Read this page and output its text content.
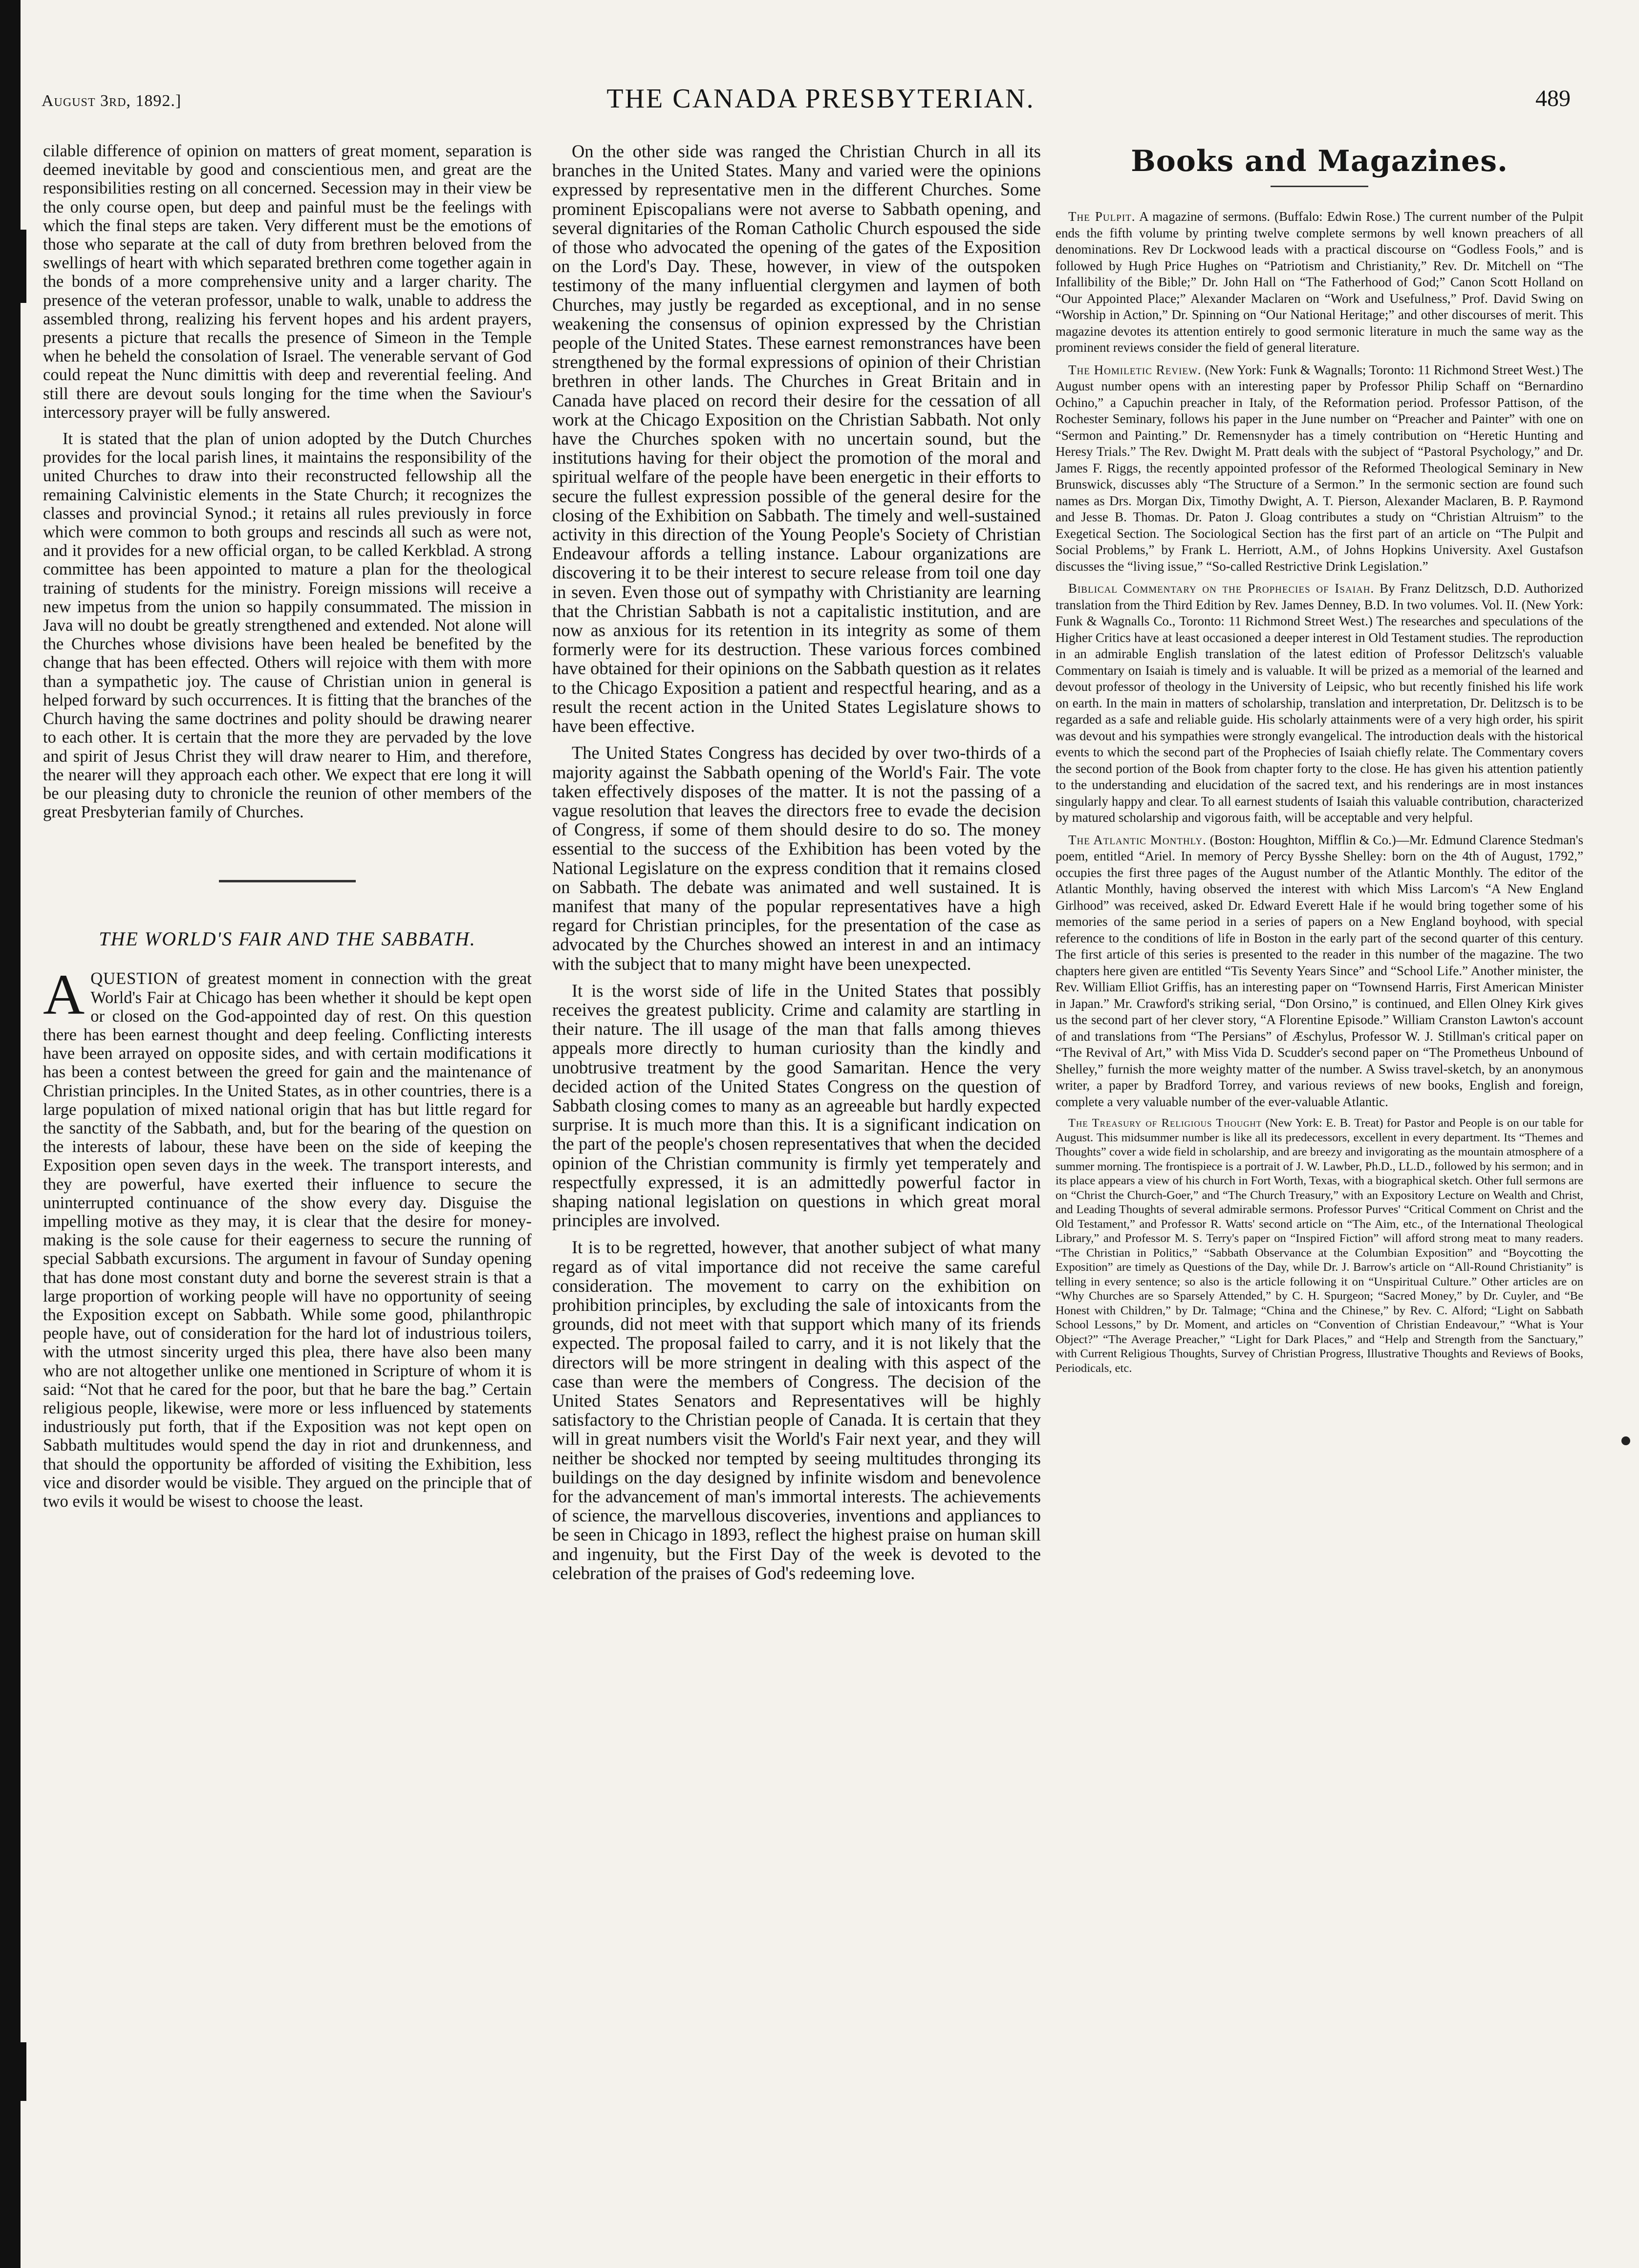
August 3rd, 1892.]	THE CANADA PRESBYTERIAN.	489

cilable difference of opinion on matters of great moment, separation is deemed inevitable by good and conscientious men, and great are the responsibilities resting on all concerned. Secession may in their view be the only course open, but deep and painful must be the feelings with which the final steps are taken. Very different must be the emotions of those who separate at the call of duty from brethren beloved from the swellings of heart with which separated brethren come together again in the bonds of a more comprehensive unity and a larger charity. The presence of the veteran professor, unable to walk, unable to address the assembled throng, realizing his fervent hopes and his ardent prayers, presents a picture that recalls the presence of Simeon in the Temple when he beheld the consolation of Israel. The venerable servant of God could repeat the Nunc dimittis with deep and reverential feeling. And still there are devout souls longing for the time when the Saviour's intercessory prayer will be fully answered.

It is stated that the plan of union adopted by the Dutch Churches provides for the local parish lines, it maintains the responsibility of the united Churches to draw into their reconstructed fellowship all the remaining Calvinistic elements in the State Church; it recognizes the classes and provincial Synod.; it retains all rules previously in force which were common to both groups and rescinds all such as were not, and it provides for a new official organ, to be called Kerkblad. A strong committee has been appointed to mature a plan for the theological training of students for the ministry. Foreign missions will receive a new impetus from the union so happily consummated. The mission in Java will no doubt be greatly strengthened and extended. Not alone will the Churches whose divisions have been healed be benefited by the change that has been effected. Others will rejoice with them with more than a sympathetic joy. The cause of Christian union in general is helped forward by such occurrences. It is fitting that the branches of the Church having the same doctrines and polity should be drawing nearer to each other. It is certain that the more they are pervaded by the love and spirit of Jesus Christ they will draw nearer to Him, and therefore, the nearer will they approach each other. We expect that ere long it will be our pleasing duty to chronicle the reunion of other members of the great Presbyterian family of Churches.

THE WORLD'S FAIR AND THE SABBATH.

AQUESTION of greatest moment in connection with the great World's Fair at Chicago has been whether it should be kept open or closed on the God-appointed day of rest. On this question there has been earnest thought and deep feeling. Conflicting interests have been arrayed on opposite sides, and with certain modifications it has been a contest between the greed for gain and the maintenance of Christian principles. In the United States, as in other countries, there is a large population of mixed national origin that has but little regard for the sanctity of the Sabbath, and, but for the bearing of the question on the interests of labour, these have been on the side of keeping the Exposition open seven days in the week. The transport interests, and they are powerful, have exerted their influence to secure the uninterrupted continuance of the show every day. Disguise the impelling motive as they may, it is clear that the desire for money-making is the sole cause for their eagerness to secure the running of special Sabbath excursions. The argument in favour of Sunday opening that has done most constant duty and borne the severest strain is that a large proportion of working people will have no opportunity of seeing the Exposition except on Sabbath. While some good, philanthropic people have, out of consideration for the hard lot of industrious toilers, with the utmost sincerity urged this plea, there have also been many who are not altogether unlike one mentioned in Scripture of whom it is said: “Not that he cared for the poor, but that he bare the bag.” Certain religious people, likewise, were more or less influenced by statements industriously put forth, that if the Exposition was not kept open on Sabbath multitudes would spend the day in riot and drunkenness, and that should the opportunity be afforded of visiting the Exhibition, less vice and disorder would be visible. They argued on the principle that of two evils it would be wisest to choose the least.

On the other side was ranged the Christian Church in all its branches in the United States. Many and varied were the opinions expressed by representative men in the different Churches. Some prominent Episcopalians were not averse to Sabbath opening, and several dignitaries of the Roman Catholic Church espoused the side of those who advocated the opening of the gates of the Exposition on the Lord's Day. These, however, in view of the outspoken testimony of the many influential clergymen and laymen of both Churches, may justly be regarded as exceptional, and in no sense weakening the consensus of opinion expressed by the Christian people of the United States. These earnest remonstrances have been strengthened by the formal expressions of opinion of their Christian brethren in other lands. The Churches in Great Britain and in Canada have placed on record their desire for the cessation of all work at the Chicago Exposition on the Christian Sabbath. Not only have the Churches spoken with no uncertain sound, but the institutions having for their object the promotion of the moral and spiritual welfare of the people have been energetic in their efforts to secure the fullest expression possible of the general desire for the closing of the Exhibition on Sabbath. The timely and well-sustained activity in this direction of the Young People's Society of Christian Endeavour affords a telling instance. Labour organizations are discovering it to be their interest to secure release from toil one day in seven. Even those out of sympathy with Christianity are learning that the Christian Sabbath is not a capitalistic institution, and are now as anxious for its retention in its integrity as some of them formerly were for its destruction. These various forces combined have obtained for their opinions on the Sabbath question as it relates to the Chicago Exposition a patient and respectful hearing, and as a result the recent action in the United States Legislature shows to have been effective.

The United States Congress has decided by over two-thirds of a majority against the Sabbath opening of the World's Fair. The vote taken effectively disposes of the matter. It is not the passing of a vague resolution that leaves the directors free to evade the decision of Congress, if some of them should desire to do so. The money essential to the success of the Exhibition has been voted by the National Legislature on the express condition that it remains closed on Sabbath. The debate was animated and well sustained. It is manifest that many of the popular representatives have a high regard for Christian principles, for the presentation of the case as advocated by the Churches showed an interest in and an intimacy with the subject that to many might have been unexpected.

It is the worst side of life in the United States that possibly receives the greatest publicity. Crime and calamity are startling in their nature. The ill usage of the man that falls among thieves appeals more directly to human curiosity than the kindly and unobtrusive treatment by the good Samaritan. Hence the very decided action of the United States Congress on the question of Sabbath closing comes to many as an agreeable but hardly expected surprise. It is much more than this. It is a significant indication on the part of the people's chosen representatives that when the decided opinion of the Christian community is firmly yet temperately and respectfully expressed, it is an admittedly powerful factor in shaping national legislation on questions in which great moral principles are involved.

It is to be regretted, however, that another subject of what many regard as of vital importance did not receive the same careful consideration. The movement to carry on the exhibition on prohibition principles, by excluding the sale of intoxicants from the grounds, did not meet with that support which many of its friends expected. The proposal failed to carry, and it is not likely that the directors will be more stringent in dealing with this aspect of the case than were the members of Congress. The decision of the United States Senators and Representatives will be highly satisfactory to the Christian people of Canada. It is certain that they will in great numbers visit the World's Fair next year, and they will neither be shocked nor tempted by seeing multitudes thronging its buildings on the day designed by infinite wisdom and benevolence for the advancement of man's immortal interests. The achievements of science, the marvellous discoveries, inventions and appliances to be seen in Chicago in 1893, reflect the highest praise on human skill and ingenuity, but the First Day of the week is devoted to the celebration of the praises of God's redeeming love.

Books and Magazines.

The Pulpit. A magazine of sermons. (Buffalo: Edwin Rose.) The current number of the Pulpit ends the fifth volume by printing twelve complete sermons by well known preachers of all denominations. Rev Dr Lockwood leads with a practical discourse on “Godless Fools,” and is followed by Hugh Price Hughes on “Patriotism and Christianity,” Rev. Dr. Mitchell on “The Infallibility of the Bible;” Dr. John Hall on “The Fatherhood of God;” Canon Scott Holland on “Our Appointed Place;” Alexander Maclaren on “Work and Usefulness,” Prof. David Swing on “Worship in Action,” Dr. Spinning on “Our National Heritage;” and other discourses of merit. This magazine devotes its attention entirely to good sermonic literature in much the same way as the prominent reviews consider the field of general literature.

The Homiletic Review. (New York: Funk & Wagnalls; Toronto: 11 Richmond Street West.) The August number opens with an interesting paper by Professor Philip Schaff on “Bernardino Ochino,” a Capuchin preacher in Italy, of the Reformation period. Professor Pattison, of the Rochester Seminary, follows his paper in the June number on “Preacher and Painter” with one on “Sermon and Painting.” Dr. Remensnyder has a timely contribution on “Heretic Hunting and Heresy Trials.” The Rev. Dwight M. Pratt deals with the subject of “Pastoral Psychology,” and Dr. James F. Riggs, the recently appointed professor of the Reformed Theological Seminary in New Brunswick, discusses ably “The Structure of a Sermon.” In the sermonic section are found such names as Drs. Morgan Dix, Timothy Dwight, A. T. Pierson, Alexander Maclaren, B. P. Raymond and Jesse B. Thomas. Dr. Paton J. Gloag contributes a study on “Christian Altruism” to the Exegetical Section. The Sociological Section has the first part of an article on “The Pulpit and Social Problems,” by Frank L. Herriott, A.M., of Johns Hopkins University. Axel Gustafson discusses the “living issue,” “So-called Restrictive Drink Legislation.”

Biblical Commentary on the Prophecies of Isaiah. By Franz Delitzsch, D.D. Authorized translation from the Third Edition by Rev. James Denney, B.D. In two volumes. Vol. II. (New York: Funk & Wagnalls Co., Toronto: 11 Richmond Street West.) The researches and speculations of the Higher Critics have at least occasioned a deeper interest in Old Testament studies. The reproduction in an admirable English translation of the latest edition of Professor Delitzsch's valuable Commentary on Isaiah is timely and is valuable. It will be prized as a memorial of the learned and devout professor of theology in the University of Leipsic, who but recently finished his life work on earth. In the main in matters of scholarship, translation and interpretation, Dr. Delitzsch is to be regarded as a safe and reliable guide. His scholarly attainments were of a very high order, his spirit was devout and his sympathies were strongly evangelical. The introduction deals with the historical events to which the second part of the Prophecies of Isaiah chiefly relate. The Commentary covers the second portion of the Book from chapter forty to the close. He has given his attention patiently to the understanding and elucidation of the sacred text, and his renderings are in most instances singularly happy and clear. To all earnest students of Isaiah this valuable contribution, characterized by matured scholarship and vigorous faith, will be acceptable and very helpful.

The Atlantic Monthly. (Boston: Houghton, Mifflin & Co.)—Mr. Edmund Clarence Stedman's poem, entitled “Ariel. In memory of Percy Bysshe Shelley: born on the 4th of August, 1792,” occupies the first three pages of the August number of the Atlantic Monthly. The editor of the Atlantic Monthly, having observed the interest with which Miss Larcom's “A New England Girlhood” was received, asked Dr. Edward Everett Hale if he would bring together some of his memories of the same period in a series of papers on a New England boyhood, with special reference to the conditions of life in Boston in the early part of the second quarter of this century. The first article of this series is presented to the reader in this number of the magazine. The two chapters here given are entitled “Tis Seventy Years Since” and “School Life.” Another minister, the Rev. William Elliot Griffis, has an interesting paper on “Townsend Harris, First American Minister in Japan.” Mr. Crawford's striking serial, “Don Orsino,” is continued, and Ellen Olney Kirk gives us the second part of her clever story, “A Florentine Episode.” William Cranston Lawton's account of and translations from “The Persians” of Æschylus, Professor W. J. Stillman's critical paper on “The Revival of Art,” with Miss Vida D. Scudder's second paper on “The Prometheus Unbound of Shelley,” furnish the more weighty matter of the number. A Swiss travel-sketch, by an anonymous writer, a paper by Bradford Torrey, and various reviews of new books, English and foreign, complete a very valuable number of the ever-valuable Atlantic.

The Treasury of Religious Thought (New York: E. B. Treat) for Pastor and People is on our table for August. This midsummer number is like all its predecessors, excellent in every department. Its “Themes and Thoughts” cover a wide field in scholarship, and are breezy and invigorating as the mountain atmosphere of a summer morning. The frontispiece is a portrait of J. W. Lawber, Ph.D., LL.D., followed by his sermon; and in its place appears a view of his church in Fort Worth, Texas, with a biographical sketch. Other full sermons are on “Christ the Church-Goer,” and “The Church Treasury,” with an Expository Lecture on Wealth and Christ, and Leading Thoughts of several admirable sermons. Professor Purves' “Critical Comment on Christ and the Old Testament,” and Professor R. Watts' second article on “The Aim, etc., of the International Theological Library,” and Professor M. S. Terry's paper on “Inspired Fiction” will afford strong meat to many readers. “The Christian in Politics,” “Sabbath Observance at the Columbian Exposition” and “Boycotting the Exposition” are timely as Questions of the Day, while Dr. J. Barrow's article on “All-Round Christianity” is telling in every sentence; so also is the article following it on “Unspiritual Culture.” Other articles are on “Why Churches are so Sparsely Attended,” by C. H. Spurgeon; “Sacred Money,” by Dr. Cuyler, and “Be Honest with Children,” by Dr. Talmage; “China and the Chinese,” by Rev. C. Alford; “Light on Sabbath School Lessons,” by Dr. Moment, and articles on “Convention of Christian Endeavour,” “What is Your Object?” “The Average Preacher,” “Light for Dark Places,” and “Help and Strength from the Sanctuary,” with Current Religious Thoughts, Survey of Christian Progress, Illustrative Thoughts and Reviews of Books, Periodicals, etc.
